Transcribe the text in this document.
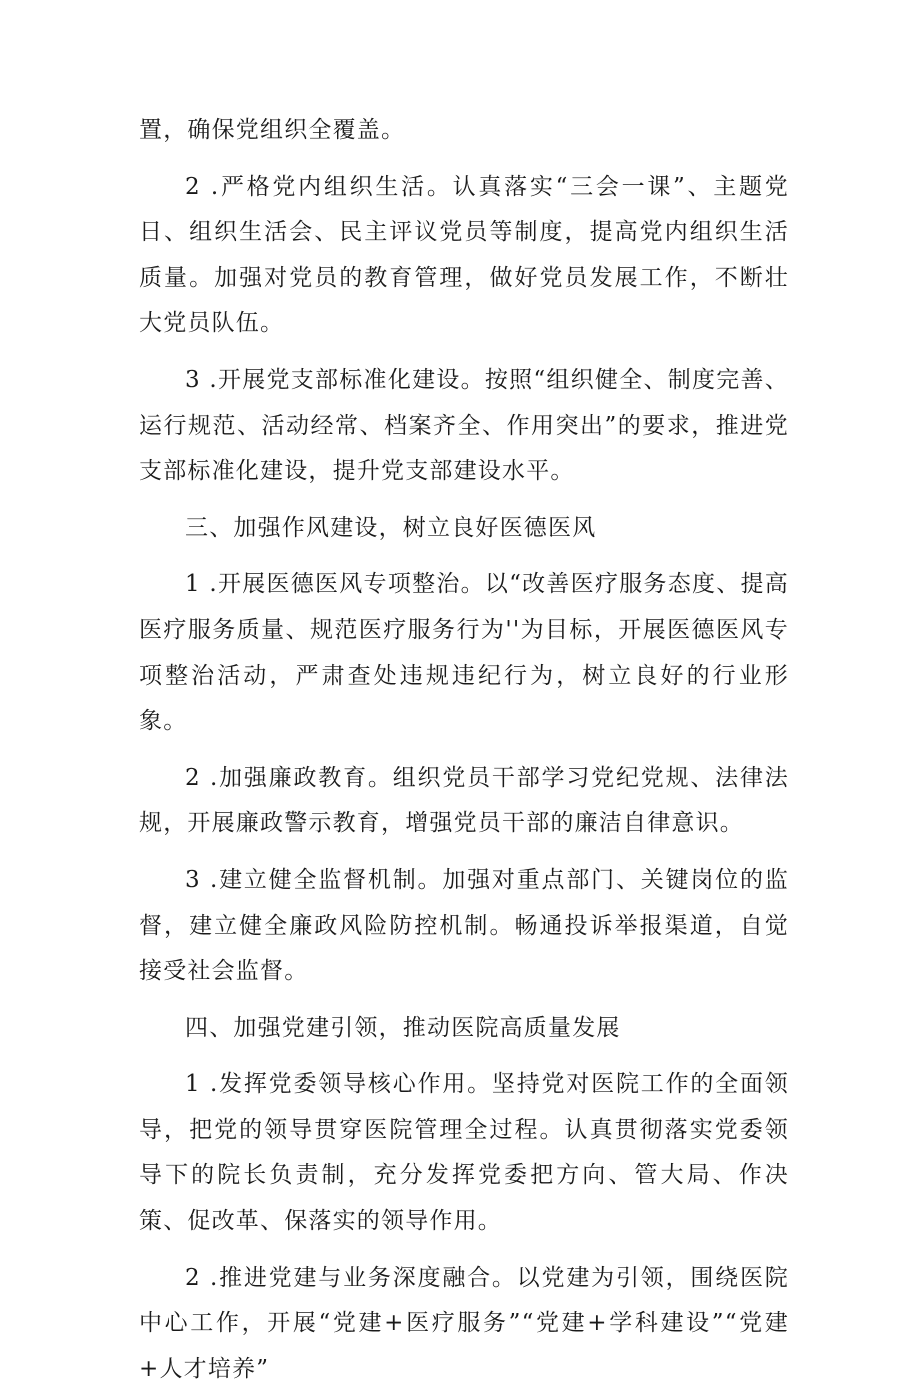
置，确保党组织全覆盖。

2 .严格党内组织生活。认真落实“三会一课”、主题党日、组织生活会、民主评议党员等制度，提高党内组织生活质量。加强对党员的教育管理，做好党员发展工作，不断壮大党员队伍。

3 .开展党支部标准化建设。按照“组织健全、制度完善、运行规范、活动经常、档案齐全、作用突出”的要求，推进党支部标准化建设，提升党支部建设水平。

三、加强作风建设，树立良好医德医风

1 .开展医德医风专项整治。以“改善医疗服务态度、提高医疗服务质量、规范医疗服务行为''为目标，开展医德医风专项整治活动，严肃查处违规违纪行为，树立良好的行业形象。

2 .加强廉政教育。组织党员干部学习党纪党规、法律法规，开展廉政警示教育，增强党员干部的廉洁自律意识。

3 .建立健全监督机制。加强对重点部门、关键岗位的监督，建立健全廉政风险防控机制。畅通投诉举报渠道，自觉接受社会监督。

四、加强党建引领，推动医院高质量发展

1 .发挥党委领导核心作用。坚持党对医院工作的全面领导，把党的领导贯穿医院管理全过程。认真贯彻落实党委领导下的院长负责制，充分发挥党委把方向、管大局、作决策、促改革、保落实的领导作用。

2 .推进党建与业务深度融合。以党建为引领，围绕医院中心工作，开展“党建+医疗服务”“党建+学科建设”“党建+人才培养”
